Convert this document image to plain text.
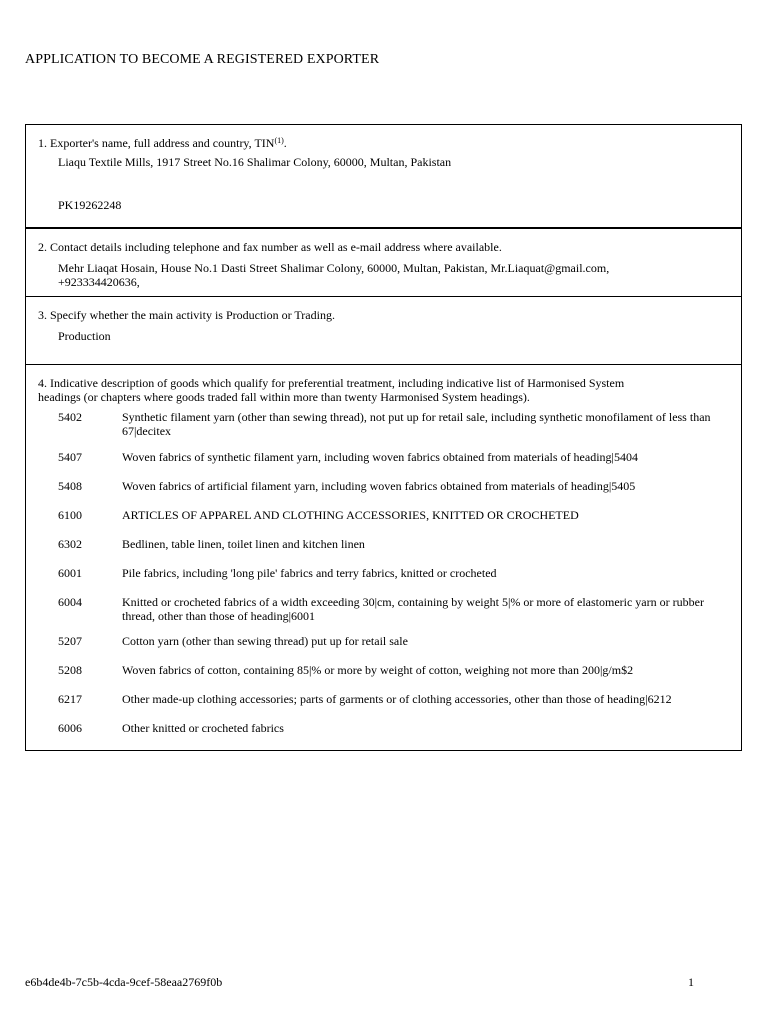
APPLICATION TO BECOME A REGISTERED EXPORTER
1. Exporter's name, full address and country, TIN$^{(1)}$.
Liaqu Textile Mills, 1917 Street No.16 Shalimar Colony, 60000, Multan, Pakistan
PK19262248
2. Contact details including telephone and fax number as well as e-mail address where available.
Mehr Liaqat Hosain, House No.1 Dasti Street Shalimar Colony, 60000, Multan, Pakistan, Mr.Liaquat@gmail.com,
+923334420636,
3. Specify whether the main activity is Production or Trading.
Production
4. Indicative description of goods which qualify for preferential treatment, including indicative list of Harmonised System
headings (or chapters where goods traded fall within more than twenty Harmonised System headings).
5402	Synthetic filament yarn (other than sewing thread), not put up for retail sale, including synthetic monofilament of less than 67|decitex
5407	Woven fabrics of synthetic filament yarn, including woven fabrics obtained from materials of heading|5404
5408	Woven fabrics of artificial filament yarn, including woven fabrics obtained from materials of heading|5405
6100	ARTICLES OF APPAREL AND CLOTHING ACCESSORIES, KNITTED OR CROCHETED
6302	Bedlinen, table linen, toilet linen and kitchen linen
6001	Pile fabrics, including 'long pile' fabrics and terry fabrics, knitted or crocheted
6004	Knitted or crocheted fabrics of a width exceeding 30|cm, containing by weight 5|% or more of elastomeric yarn or rubber thread, other than those of heading|6001
5207	Cotton yarn (other than sewing thread) put up for retail sale
5208	Woven fabrics of cotton, containing 85|% or more by weight of cotton, weighing not more than 200|g/m$2
6217	Other made-up clothing accessories; parts of garments or of clothing accessories, other than those of heading|6212
6006	Other knitted or crocheted fabrics
e6b4de4b-7c5b-4cda-9cef-58eaa2769f0b	1
